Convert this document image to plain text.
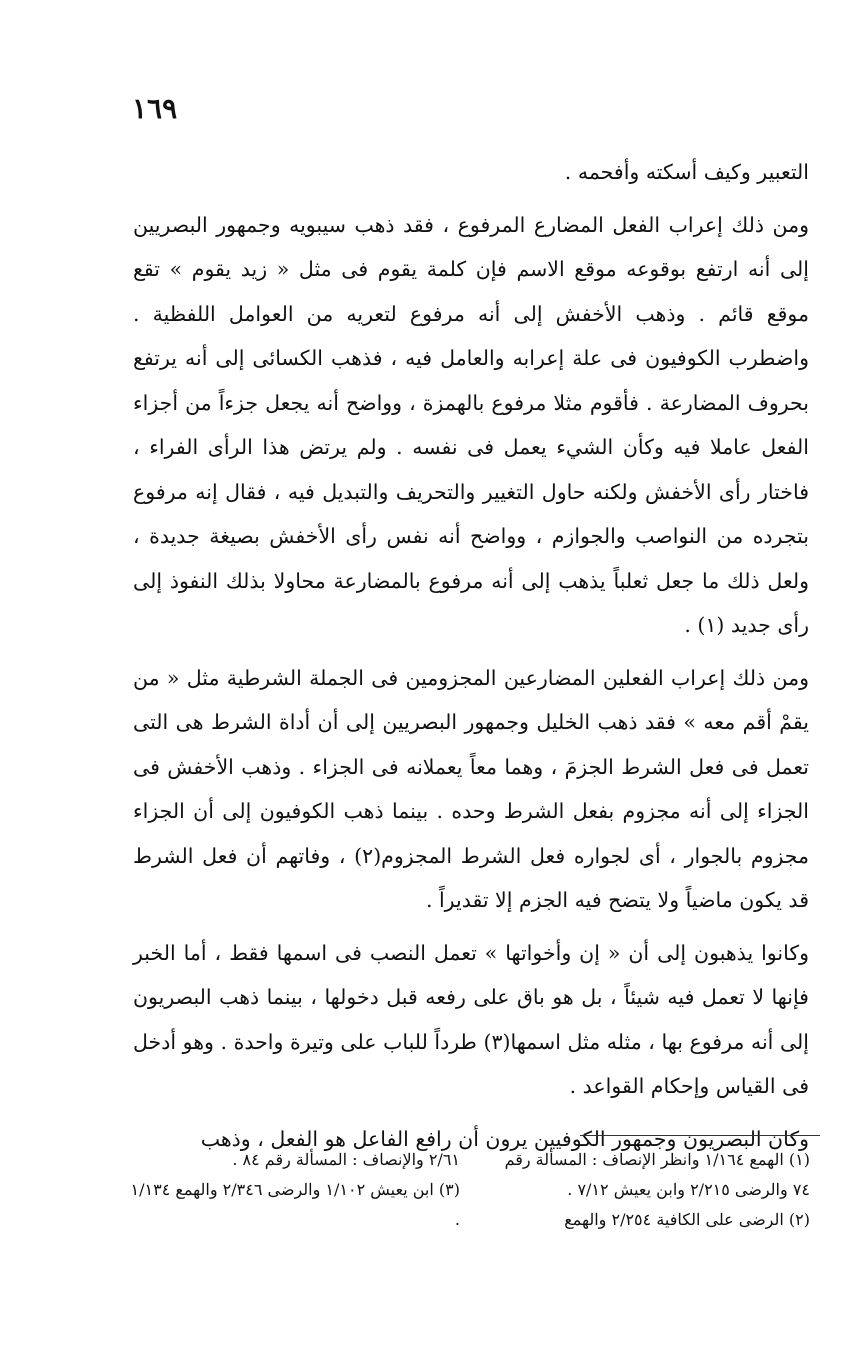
١٦٩

التعبير وكيف أسكته وأفحمه .

ومن ذلك إعراب الفعل المضارع المرفوع ، فقد ذهب سيبويه وجمهور البصريين إلى أنه ارتفع بوقوعه موقع الاسم فإن كلمة يقوم فى مثل « زيد يقوم » تقع موقع قائم . وذهب الأخفش إلى أنه مرفوع لتعريه من العوامل اللفظية . واضطرب الكوفيون فى علة إعرابه والعامل فيه ، فذهب الكسائى إلى أنه يرتفع بحروف المضارعة . فأقوم مثلا مرفوع بالهمزة ، وواضح أنه يجعل جزءاً من أجزاء الفعل عاملا فيه وكأن الشيء يعمل فى نفسه . ولم يرتض هذا الرأى الفراء ، فاختار رأى الأخفش ولكنه حاول التغيير والتحريف والتبديل فيه ، فقال إنه مرفوع بتجرده من النواصب والجوازم ، وواضح أنه نفس رأى الأخفش بصيغة جديدة ، ولعل ذلك ما جعل ثعلباً يذهب إلى أنه مرفوع بالمضارعة محاولا بذلك النفوذ إلى رأى جديد (١) .

ومن ذلك إعراب الفعلين المضارعين المجزومين فى الجملة الشرطية مثل « من يقمْ أقم معه » فقد ذهب الخليل وجمهور البصريين إلى أن أداة الشرط هى التى تعمل فى فعل الشرط الجزمَ ، وهما معاً يعملانه فى الجزاء . وذهب الأخفش فى الجزاء إلى أنه مجزوم بفعل الشرط وحده . بينما ذهب الكوفيون إلى أن الجزاء مجزوم بالجوار ، أى لجواره فعل الشرط المجزوم(٢) ، وفاتهم أن فعل الشرط قد يكون ماضياً ولا يتضح فيه الجزم إلا تقديراً .

وكانوا يذهبون إلى أن « إن وأخواتها » تعمل النصب فى اسمها فقط ، أما الخبر فإنها لا تعمل فيه شيئاً ، بل هو باق على رفعه قبل دخولها ، بينما ذهب البصريون إلى أنه مرفوع بها ، مثله مثل اسمها(٣) طرداً للباب على وتيرة واحدة . وهو أدخل فى القياس وإحكام القواعد .

وكان البصريون وجمهور الكوفيين يرون أن رافع الفاعل هو الفعل ، وذهب

(١) الهمع ١/١٦٤ وانظر الإنصاف : المسألة رقم ٧٤ والرضى ٢/٢١٥ وابن يعيش ٧/١٢ .
(٢) الرضى على الكافية ٢/٢٥٤ والهمع
٢/٦١ والإنصاف : المسألة رقم ٨٤ .
(٣) ابن يعيش ١/١٠٢ والرضى ٢/٣٤٦ والهمع ١/١٣٤ .
